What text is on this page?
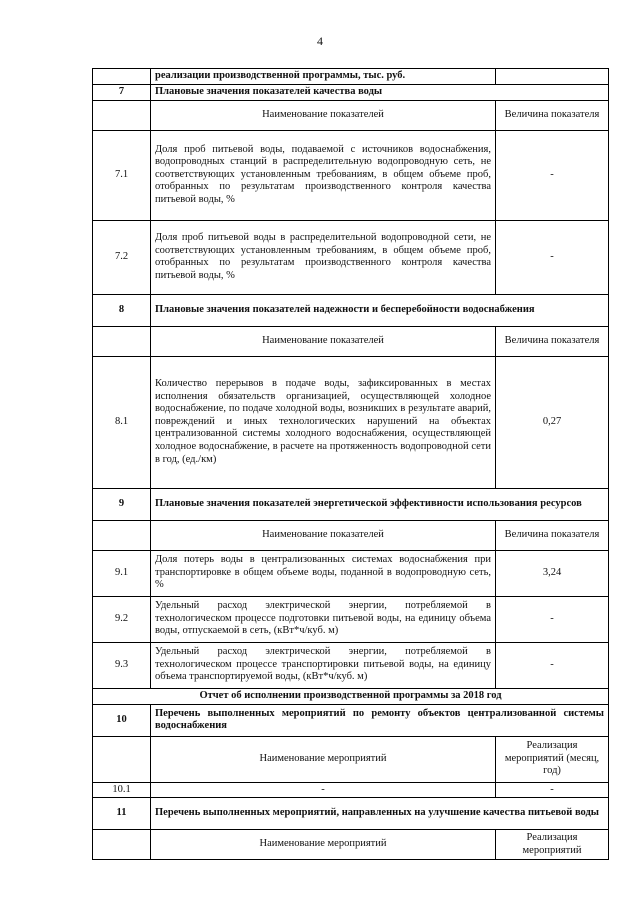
4
	реализации производственной программы, тыс. руб.	
7	Плановые значения показателей качества воды	
	Наименование показателей	Величина показателя
7.1	Доля проб питьевой воды, подаваемой с источников водоснабжения, водопроводных станций в распределительную водопроводную сеть, не соответствующих установленным требованиям, в общем объеме проб, отобранных по результатам производственного контроля качества питьевой воды, %	-
7.2	Доля проб питьевой воды в распределительной водопроводной сети, не соответствующих установленным требованиям, в общем объеме проб, отобранных по результатам производственного контроля качества питьевой воды, %	-
8	Плановые значения показателей надежности и бесперебойности водоснабжения	
	Наименование показателей	Величина показателя
8.1	Количество перерывов в подаче воды, зафиксированных в местах исполнения обязательств организацией, осуществляющей холодное водоснабжение, по подаче холодной воды, возникших в результате аварий, повреждений и иных технологических нарушений на объектах централизованной системы холодного водоснабжения, осуществляющей холодное водоснабжение, в расчете на протяженность водопроводной сети в год, (ед./км)	0,27
9	Плановые значения показателей энергетической эффективности использования ресурсов	
	Наименование показателей	Величина показателя
9.1	Доля потерь воды в централизованных системах водоснабжения при транспортировке в общем объеме воды, поданной в водопроводную сеть, %	3,24
9.2	Удельный расход электрической энергии, потребляемой в технологическом процессе подготовки питьевой воды, на единицу объема воды, отпускаемой в сеть, (кВт*ч/куб. м)	-
9.3	Удельный расход электрической энергии, потребляемой в технологическом процессе транспортировки питьевой воды, на единицу объема транспортируемой воды, (кВт*ч/куб. м)	-
Отчет об исполнении производственной программы за 2018 год		
10	Перечень выполненных мероприятий по ремонту объектов централизованной системы водоснабжения	
	Наименование мероприятий	Реализация мероприятий (месяц, год)
10.1	-	-
11	Перечень выполненных мероприятий, направленных на улучшение качества питьевой воды	
	Наименование мероприятий	Реализация мероприятий
